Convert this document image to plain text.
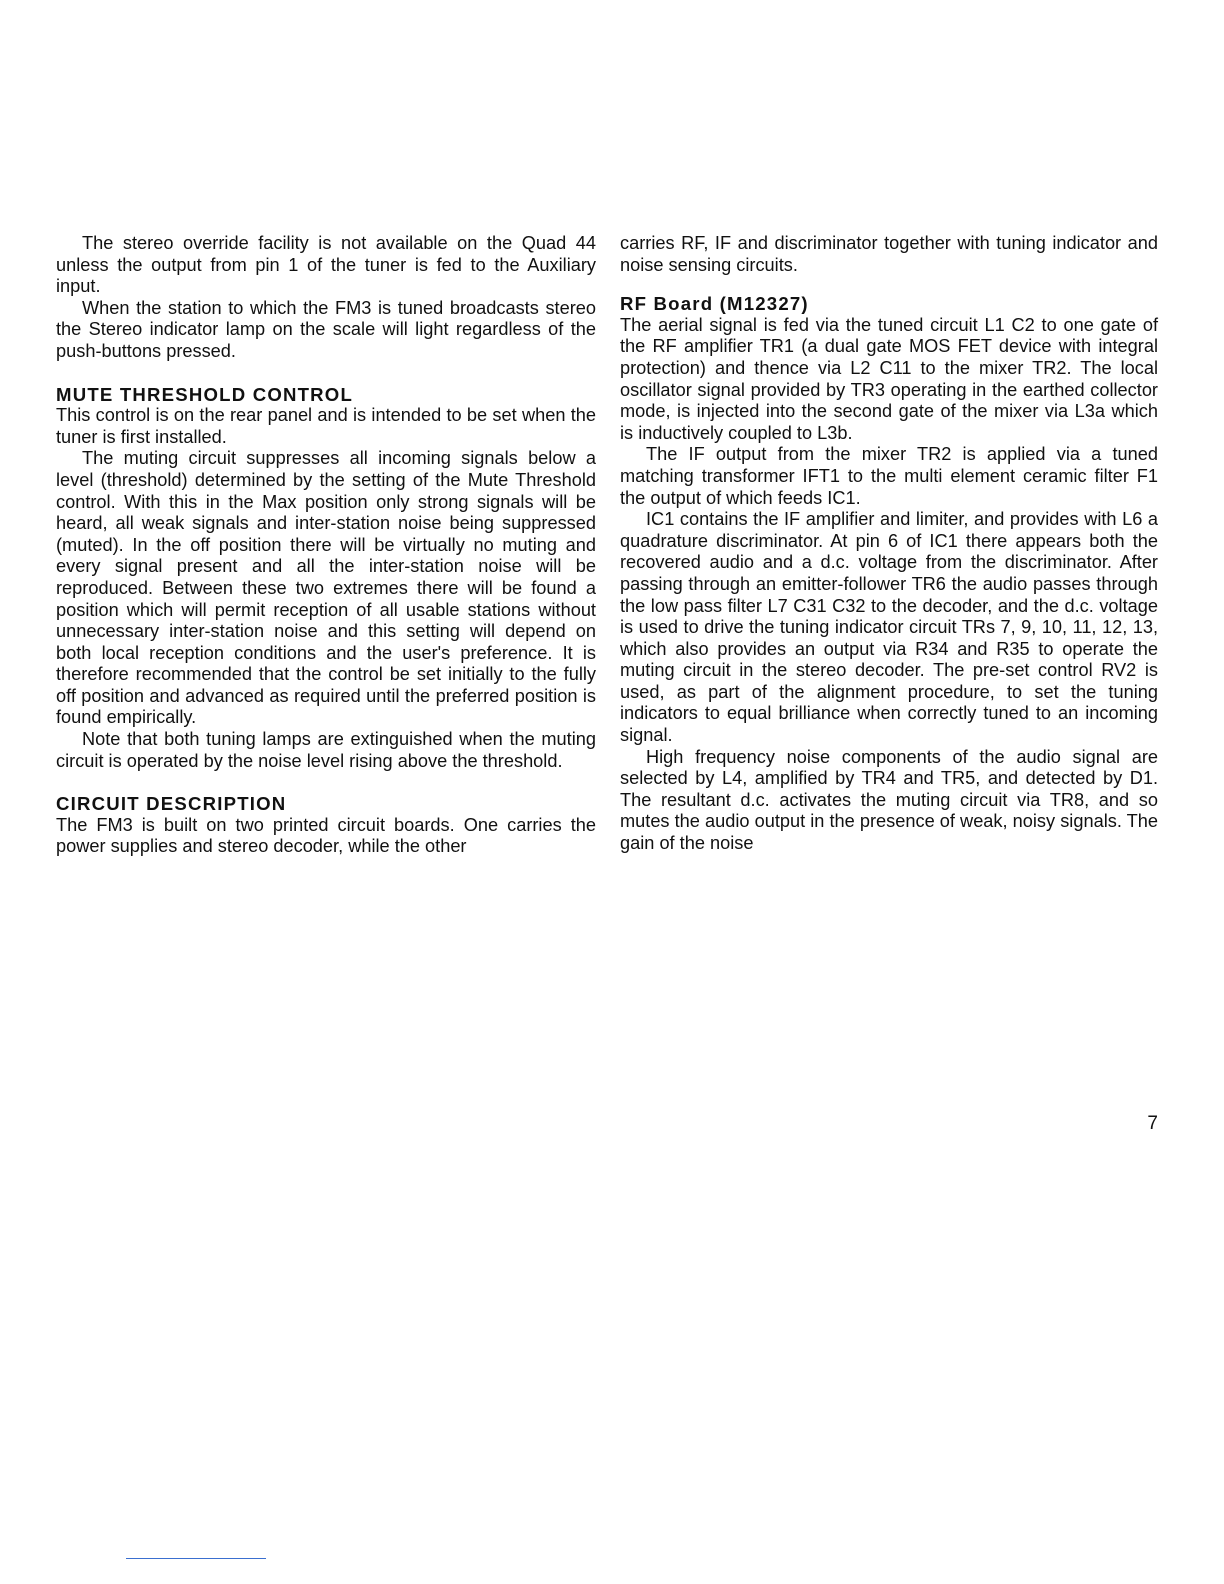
The stereo override facility is not available on the Quad 44 unless the output from pin 1 of the tuner is fed to the Auxiliary input.

When the station to which the FM3 is tuned broadcasts stereo the Stereo indicator lamp on the scale will light regardless of the push-buttons pressed.

MUTE THRESHOLD CONTROL

This control is on the rear panel and is intended to be set when the tuner is first installed.

The muting circuit suppresses all incoming signals below a level (threshold) determined by the setting of the Mute Threshold control. With this in the Max position only strong signals will be heard, all weak signals and inter-station noise being suppressed (muted). In the off position there will be virtually no muting and every signal present and all the inter-station noise will be reproduced. Between these two extremes there will be found a position which will permit reception of all usable stations without unnecessary inter-station noise and this setting will depend on both local reception conditions and the user's preference. It is therefore recommended that the control be set initially to the fully off position and advanced as required until the preferred position is found empirically.

Note that both tuning lamps are extinguished when the muting circuit is operated by the noise level rising above the threshold.

CIRCUIT DESCRIPTION

The FM3 is built on two printed circuit boards. One carries the power supplies and stereo decoder, while the other

carries RF, IF and discriminator together with tuning indicator and noise sensing circuits.

RF Board (M12327)

The aerial signal is fed via the tuned circuit L1 C2 to one gate of the RF amplifier TR1 (a dual gate MOS FET device with integral protection) and thence via L2 C11 to the mixer TR2. The local oscillator signal provided by TR3 operating in the earthed collector mode, is injected into the second gate of the mixer via L3a which is inductively coupled to L3b.

The IF output from the mixer TR2 is applied via a tuned matching transformer IFT1 to the multi element ceramic filter F1 the output of which feeds IC1.

IC1 contains the IF amplifier and limiter, and provides with L6 a quadrature discriminator. At pin 6 of IC1 there appears both the recovered audio and a d.c. voltage from the discriminator. After passing through an emitter-follower TR6 the audio passes through the low pass filter L7 C31 C32 to the decoder, and the d.c. voltage is used to drive the tuning indicator circuit TRs 7, 9, 10, 11, 12, 13, which also provides an output via R34 and R35 to operate the muting circuit in the stereo decoder. The pre-set control RV2 is used, as part of the alignment procedure, to set the tuning indicators to equal brilliance when correctly tuned to an incoming signal.

High frequency noise components of the audio signal are selected by L4, amplified by TR4 and TR5, and detected by D1. The resultant d.c. activates the muting circuit via TR8, and so mutes the audio output in the presence of weak, noisy signals. The gain of the noise

7
